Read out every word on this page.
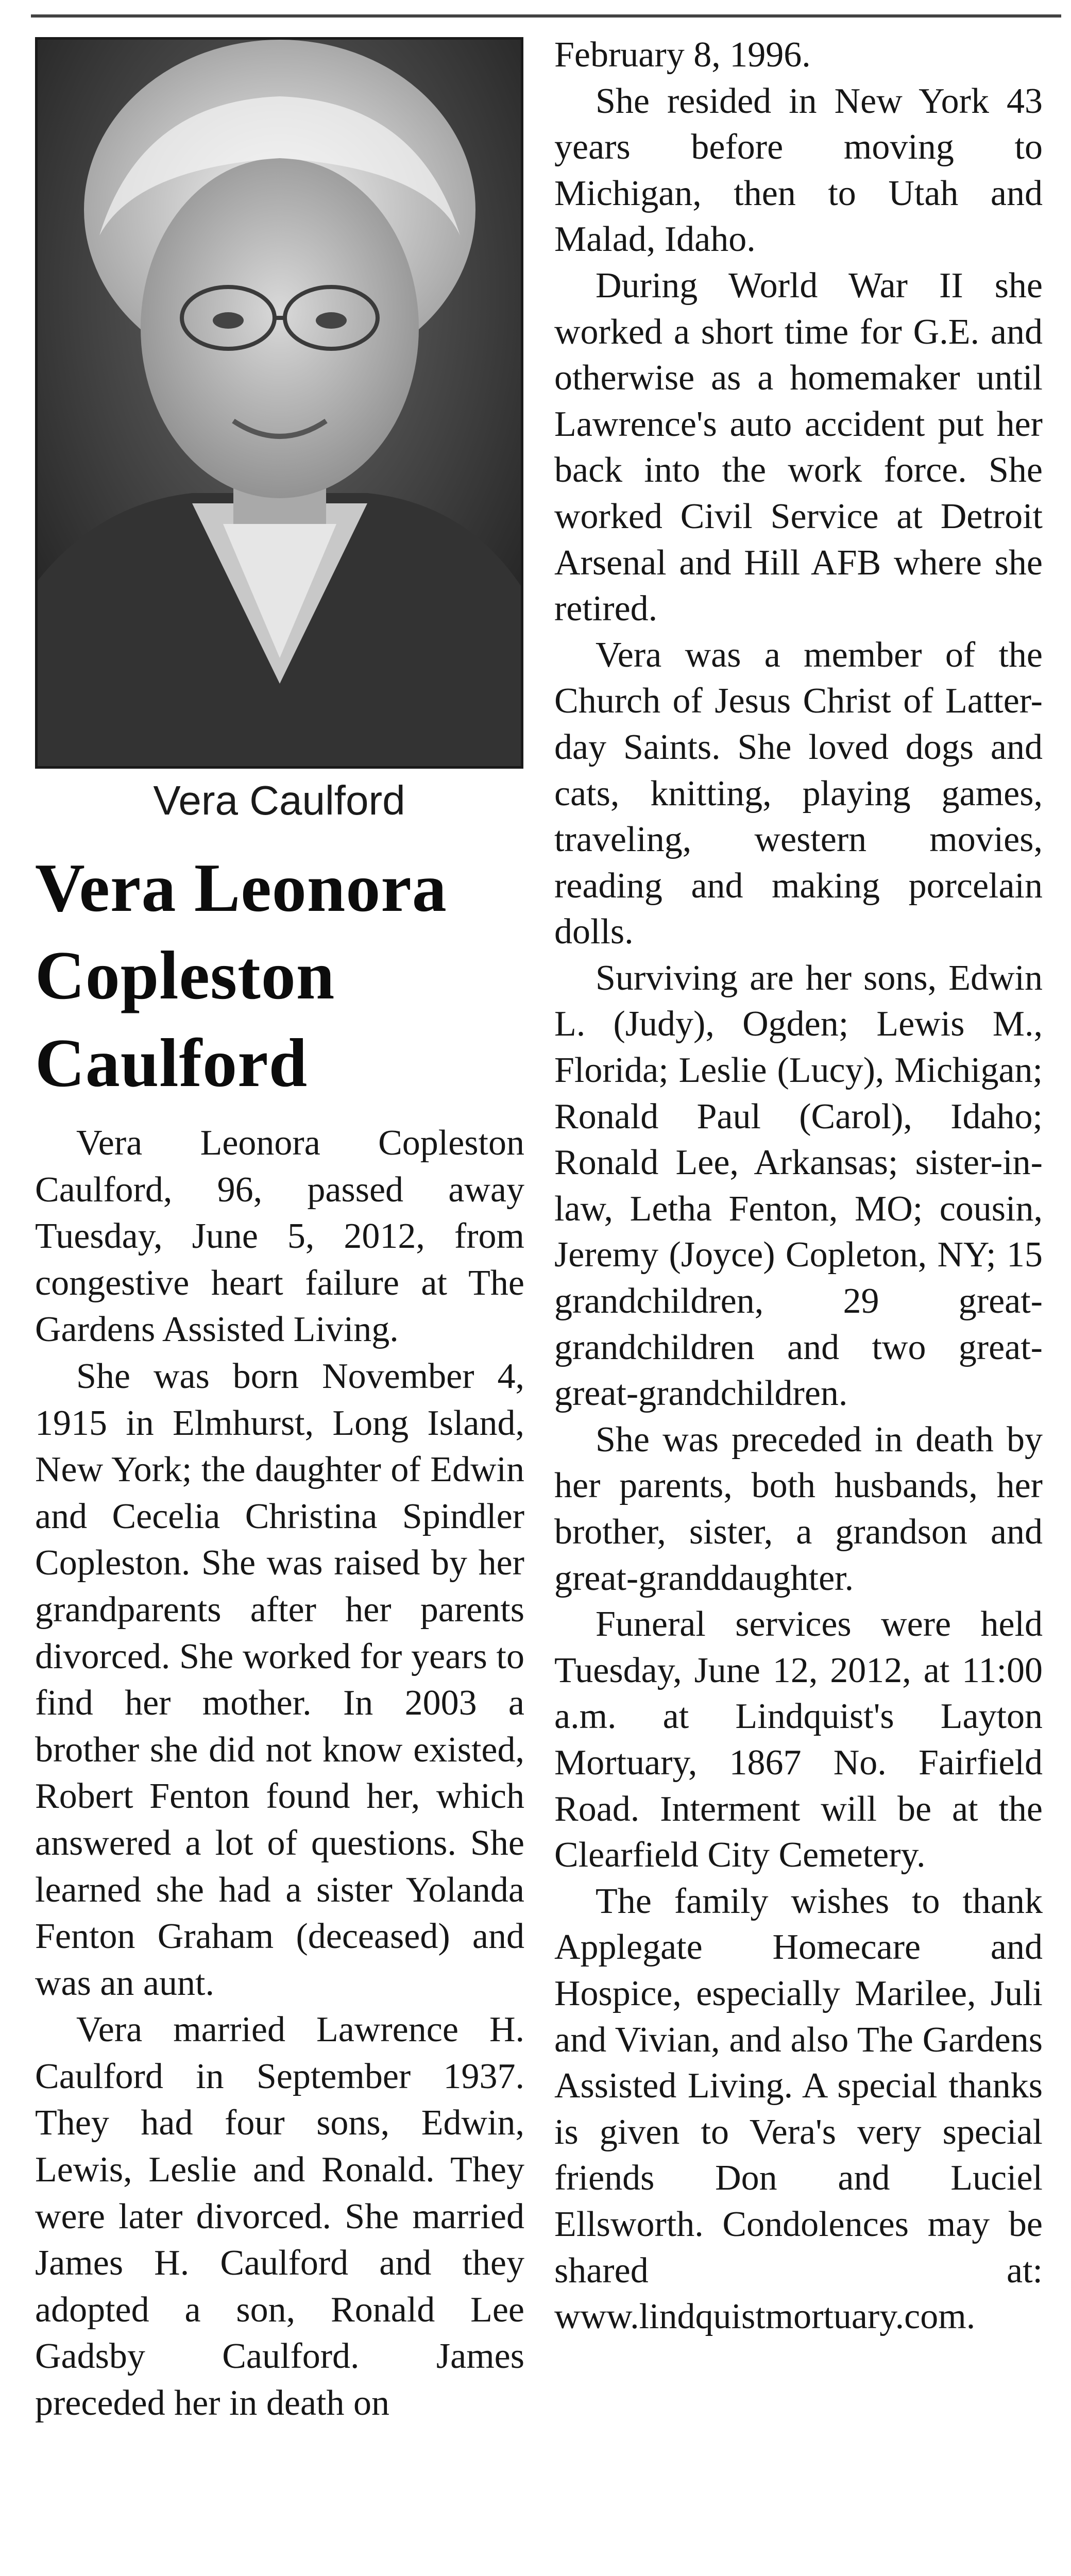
Vera Caulford
Vera Leonora
Copleston
Caulford

Vera Leonora Copleston Caulford, 96, passed away Tuesday, June 5, 2012, from congestive heart failure at The Gardens Assisted Living.

She was born November 4, 1915 in Elmhurst, Long Island, New York; the daughter of Edwin and Cecelia Christina Spindler Copleston. She was raised by her grandparents after her parents divorced. She worked for years to find her mother. In 2003 a brother she did not know existed, Robert Fenton found her, which answered a lot of questions. She learned she had a sister Yolanda Fenton Graham (deceased) and was an aunt.

Vera married Lawrence H. Caulford in September 1937. They had four sons, Edwin, Lewis, Leslie and Ronald. They were later divorced. She married James H. Caulford and they adopted a son, Ronald Lee Gadsby Caulford. James preceded her in death on

February 8, 1996.

She resided in New York 43 years before moving to Michigan, then to Utah and Malad, Idaho.

During World War II she worked a short time for G.E. and otherwise as a homemaker until Lawrence's auto accident put her back into the work force. She worked Civil Service at Detroit Arsenal and Hill AFB where she retired.

Vera was a member of the Church of Jesus Christ of Latter-day Saints. She loved dogs and cats, knitting, playing games, traveling, western movies, reading and making porcelain dolls.

Surviving are her sons, Edwin L. (Judy), Ogden; Lewis M., Florida; Leslie (Lucy), Michigan; Ronald Paul (Carol), Idaho; Ronald Lee, Arkansas; sister-in-law, Letha Fenton, MO; cousin, Jeremy (Joyce) Copleton, NY; 15 grandchildren, 29 great-grandchildren and two great-great-grandchildren.

She was preceded in death by her parents, both husbands, her brother, sister, a grandson and great-granddaughter.

Funeral services were held Tuesday, June 12, 2012, at 11:00 a.m. at Lindquist's Layton Mortuary, 1867 No. Fairfield Road. Interment will be at the Clearfield City Cemetery.

The family wishes to thank Applegate Homecare and Hospice, especially Marilee, Juli and Vivian, and also The Gardens Assisted Living. A special thanks is given to Vera's very special friends Don and Luciel Ellsworth. Condolences may be shared at: www.lindquistmortuary.com.
